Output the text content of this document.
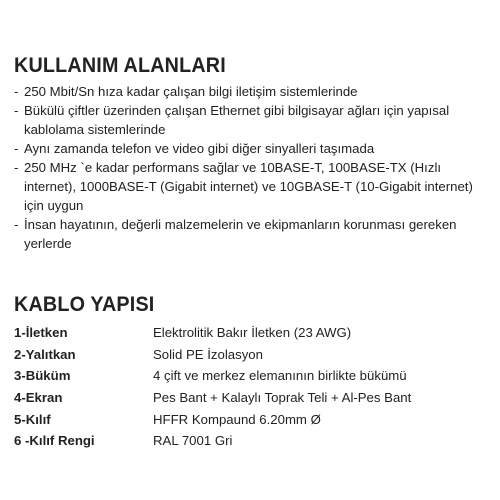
KULLANIM ALANLARI
- 250 Mbit/Sn hıza kadar çalışan bilgi iletişim sistemlerinde
- Bükülü çiftler üzerinden çalışan Ethernet gibi bilgisayar ağları için yapısal kablolama sistemlerinde
- Aynı zamanda telefon ve video gibi diğer sinyalleri taşımada
- 250 MHz `e kadar performans sağlar ve 10BASE-T, 100BASE-TX (Hızlı internet), 1000BASE-T (Gigabit internet) ve 10GBASE-T (10-Gigabit internet) için uygun
- İnsan hayatının, değerli malzemelerin ve ekipmanların korunması gereken yerlerde
KABLO YAPISI
1-İletken	Elektrolitik Bakır İletken (23 AWG)
2-Yalıtkan	Solid PE İzolasyon
3-Büküm	4 çift ve merkez elemanının birlikte bükümü
4-Ekran	Pes Bant + Kalaylı Toprak Teli + Al-Pes Bant
5-Kılıf	HFFR Kompaund 6.20mm Ø
6 -Kılıf Rengi	RAL 7001 Gri
